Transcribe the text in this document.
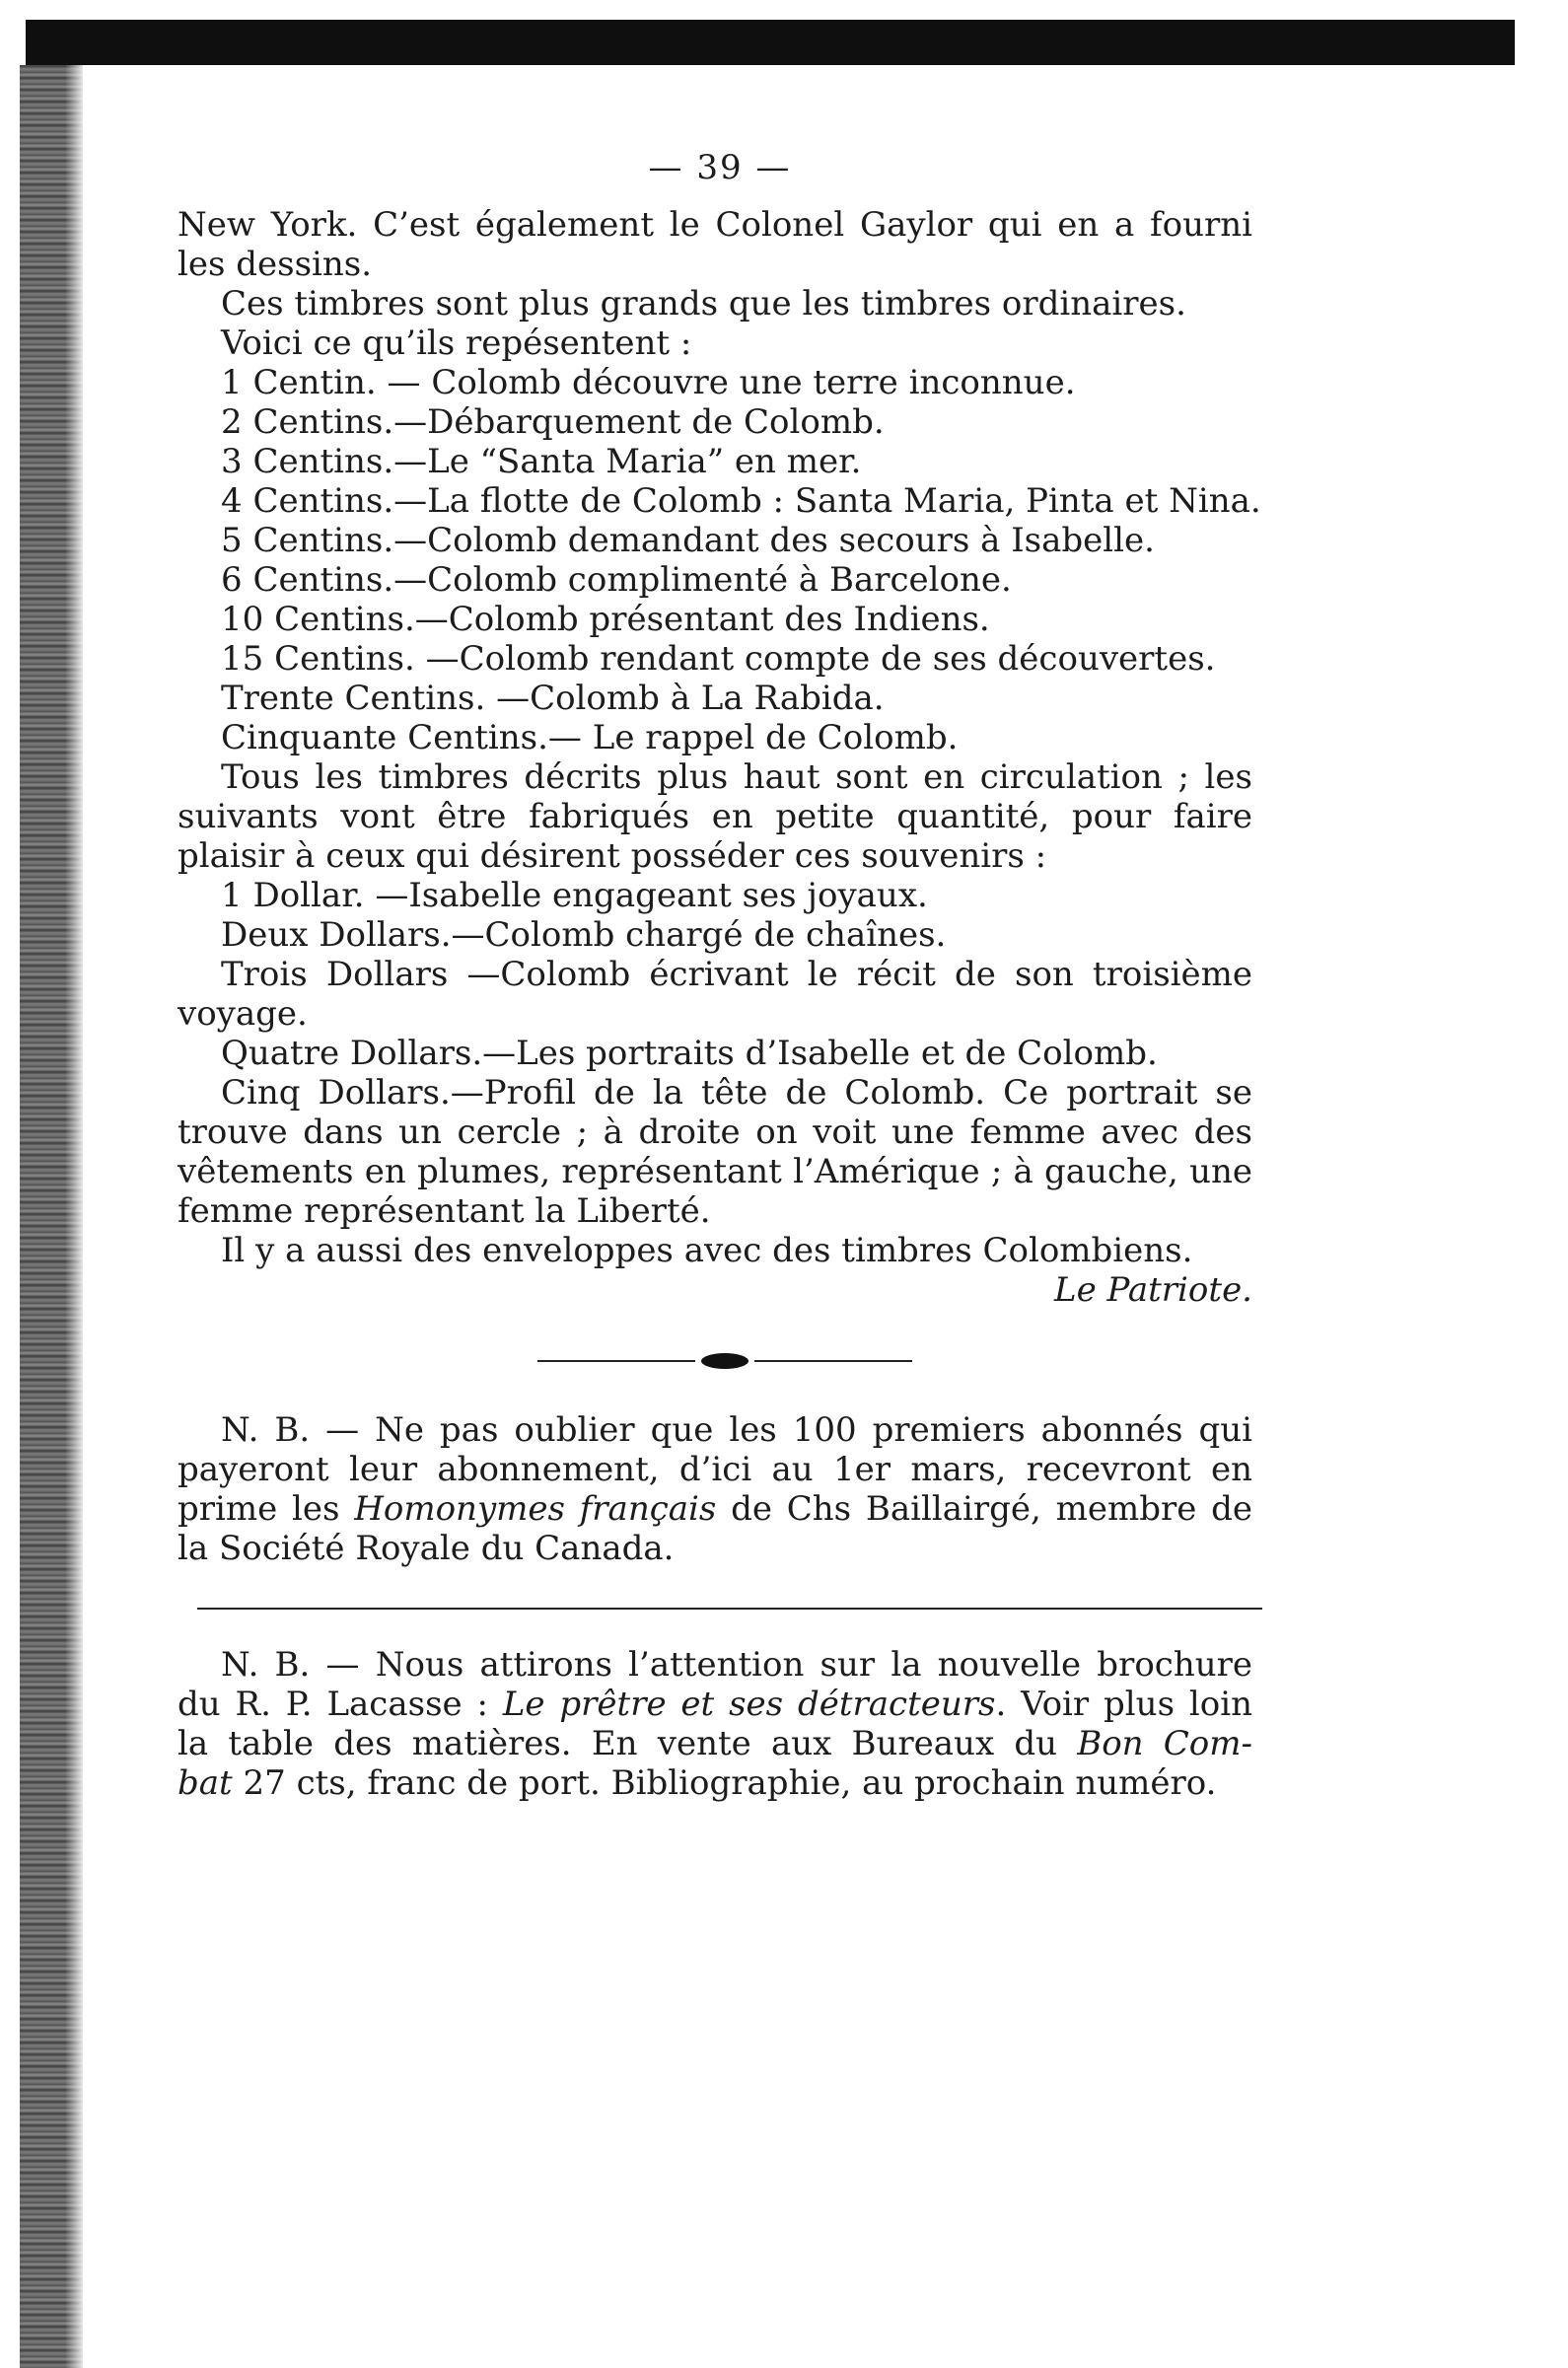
— 39 —
New York. C’est également le Colonel Gaylor qui en a fourni
les dessins.
Ces timbres sont plus grands que les timbres ordinaires.
Voici ce qu’ils repésentent :
1 Centin. — Colomb découvre une terre inconnue.
2 Centins.—Débarquement de Colomb.
3 Centins.—Le “Santa Maria” en mer.
4 Centins.—La flotte de Colomb : Santa Maria, Pinta et Nina.
5 Centins.—Colomb demandant des secours à Isabelle.
6 Centins.—Colomb complimenté à Barcelone.
10 Centins.—Colomb présentant des Indiens.
15 Centins. —Colomb rendant compte de ses découvertes.
Trente Centins. —Colomb à La Rabida.
Cinquante Centins.— Le rappel de Colomb.
Tous les timbres décrits plus haut sont en circulation ; les
suivants vont être fabriqués en petite quantité, pour faire
plaisir à ceux qui désirent posséder ces souvenirs :
1 Dollar. —Isabelle engageant ses joyaux.
Deux Dollars.—Colomb chargé de chaînes.
Trois Dollars —Colomb écrivant le récit de son troisième
voyage.
Quatre Dollars.—Les portraits d’Isabelle et de Colomb.
Cinq Dollars.—Profil de la tête de Colomb. Ce portrait se
trouve dans un cercle ; à droite on voit une femme avec des
vêtements en plumes, représentant l’Amérique ; à gauche, une
femme représentant la Liberté.
Il y a aussi des enveloppes avec des timbres Colombiens.
Le Patriote.
N. B. — Ne pas oublier que les 100 premiers abonnés qui
payeront leur abonnement, d’ici au 1er mars, recevront en
prime les Homonymes français de Chs Baillairgé, membre de
la Société Royale du Canada.
N. B. — Nous attirons l’attention sur la nouvelle brochure
du R. P. Lacasse : Le prêtre et ses détracteurs. Voir plus loin
la table des matières. En vente aux Bureaux du Bon Com-
bat 27 cts, franc de port. Bibliographie, au prochain numéro.
